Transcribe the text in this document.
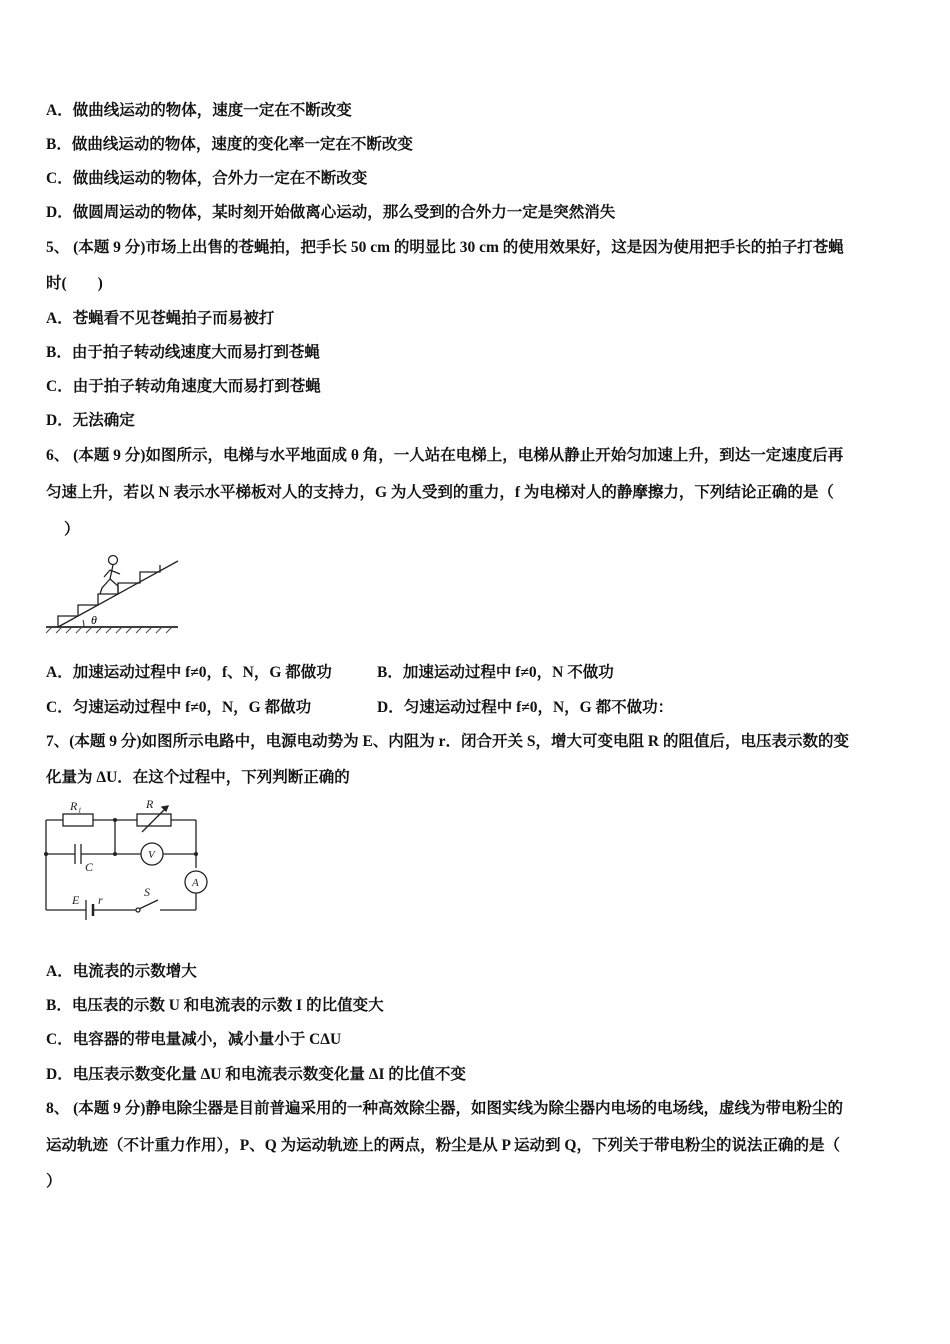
A．做曲线运动的物体，速度一定在不断改变
B．做曲线运动的物体，速度的变化率一定在不断改变
C．做曲线运动的物体，合外力一定在不断改变
D．做圆周运动的物体，某时刻开始做离心运动，那么受到的合外力一定是突然消失
5、 (本题 9 分)市场上出售的苍蝇拍，把手长 50 cm 的明显比 30 cm 的使用效果好，这是因为使用把手长的拍子打苍蝇
时(　　)
A．苍蝇看不见苍蝇拍子而易被打
B．由于拍子转动线速度大而易打到苍蝇
C．由于拍子转动角速度大而易打到苍蝇
D．无法确定
6、 (本题 9 分)如图所示，电梯与水平地面成 θ 角，一人站在电梯上，电梯从静止开始匀加速上升，到达一定速度后再
匀速上升，若以 N 表示水平梯板对人的支持力，G 为人受到的重力，f 为电梯对人的静摩擦力，下列结论正确的是（
）
θ
A．加速运动过程中 f≠0，f、N，G 都做功	B．加速运动过程中 f≠0，N 不做功
C．匀速运动过程中 f≠0，N，G 都做功	D．匀速运动过程中 f≠0，N，G 都不做功：
7、(本题 9 分)如图所示电路中，电源电动势为 E、内阻为 r．闭合开关 S，增大可变电阻 R 的阻值后，电压表示数的变
化量为 ΔU．在这个过程中，下列判断正确的
R₁	R
C
V
A
E r
S
A．电流表的示数增大
B．电压表的示数 U 和电流表的示数 I 的比值变大
C．电容器的带电量减小，减小量小于 CΔU
D．电压表示数变化量 ΔU 和电流表示数变化量 ΔI 的比值不变
8、 (本题 9 分)静电除尘器是目前普遍采用的一种高效除尘器，如图实线为除尘器内电场的电场线，虚线为带电粉尘的
运动轨迹（不计重力作用），P、Q 为运动轨迹上的两点，粉尘是从 P 运动到 Q，下列关于带电粉尘的说法正确的是（
）
